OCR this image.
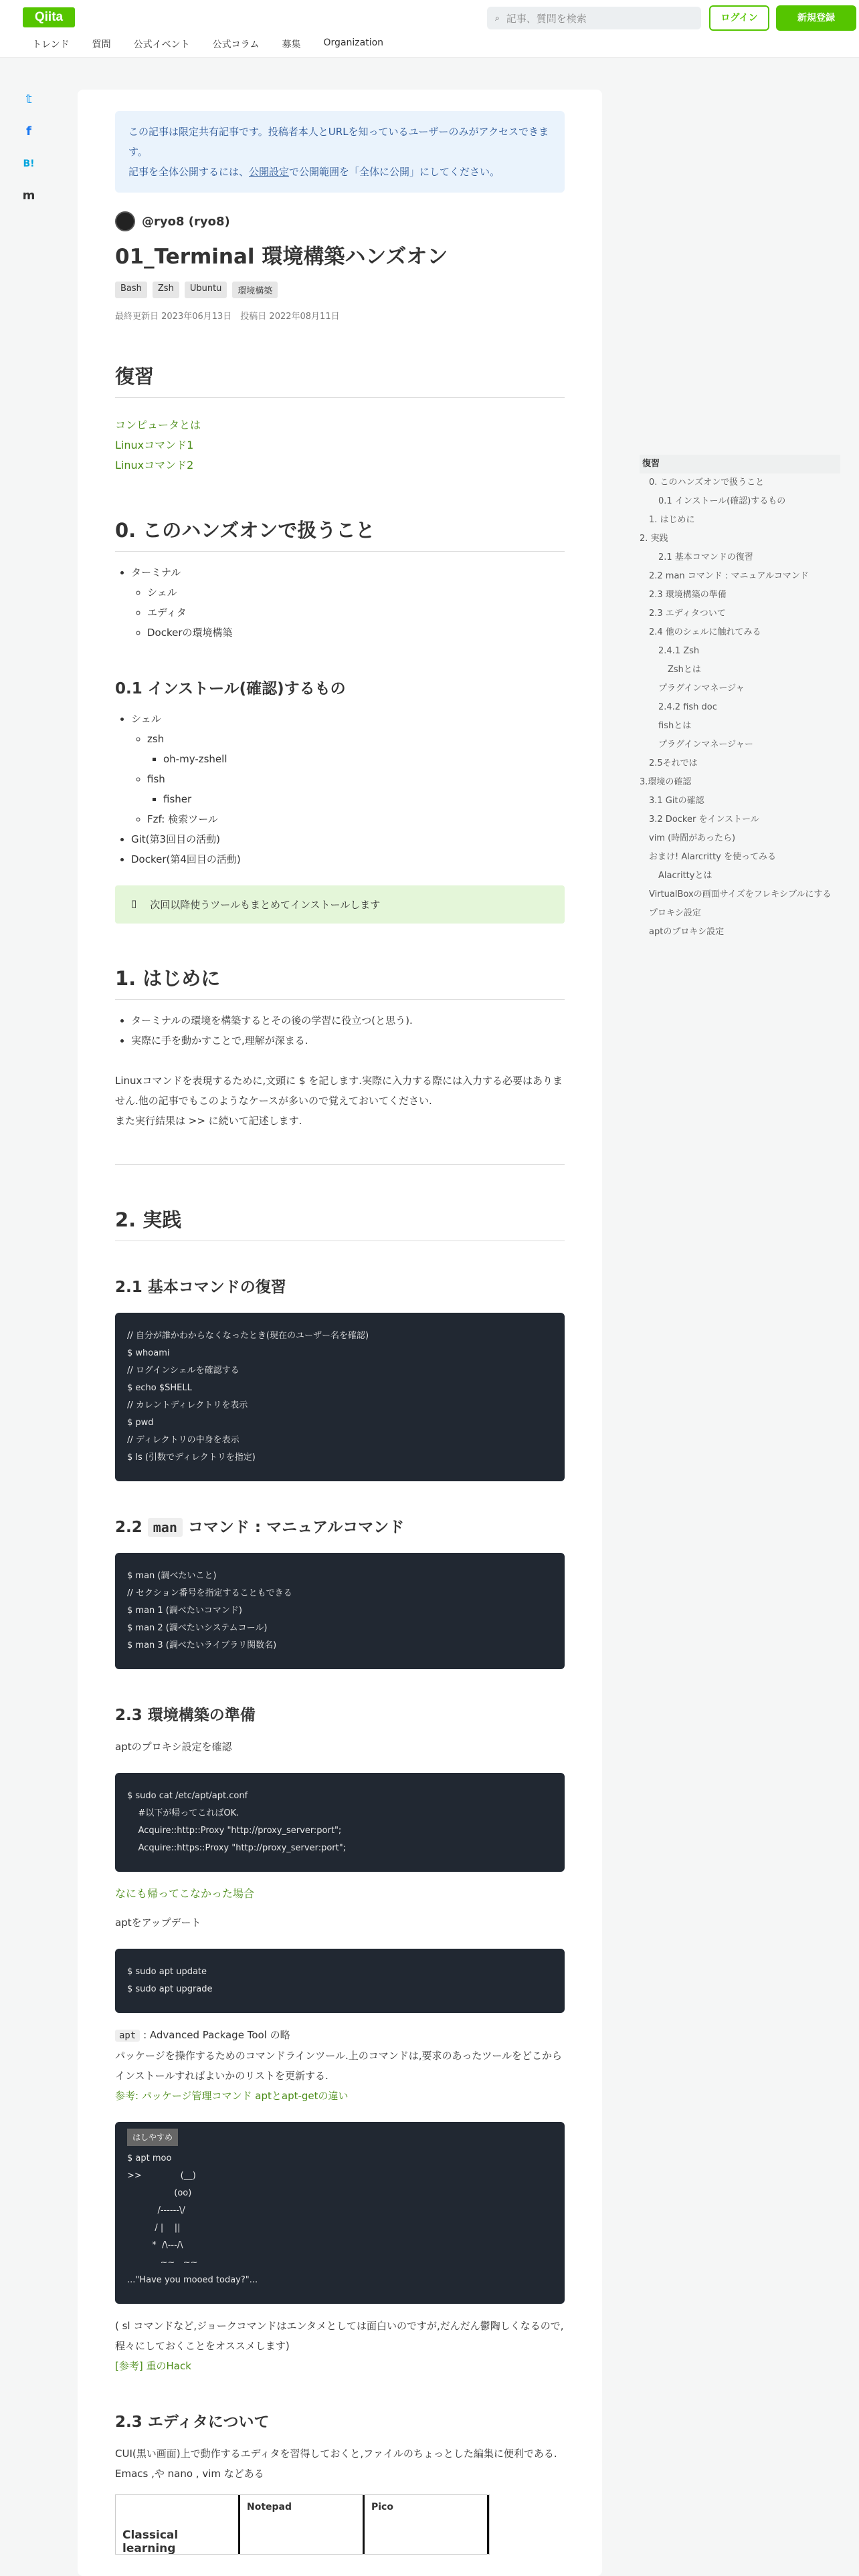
Qiita	⌕ 記事、質問を検索	ログイン	新規登録
トレンド 質問 公式イベント 公式コラム 募集 Organization
𝕥
f
B!
m
この記事は限定共有記事です。投稿者本人とURLを知っているユーザーのみがアクセスできます。
記事を全体公開するには、公開設定で公開範囲を「全体に公開」にしてください。
@ryo8 (ryo8)
01_Terminal 環境構築ハンズオン
Bash	Zsh	Ubuntu	環境構築
最終更新日 2023年06月13日　投稿日 2022年08月11日
復習
コンピュータとは
Linuxコマンド1
Linuxコマンド2
0. このハンズオンで扱うこと
• ターミナル
◦ シェル
◦ エディタ
◦ Dockerの環境構築
0.1 インストール(確認)するもの
• シェル
◦ zsh
▪ oh-my-zshell
◦ fish
▪ fisher
◦ Fzf: 検索ツール
• Git(第3回目の活動)
• Docker(第4回目の活動)
▯ 次回以降使うツールもまとめてインストールします
1. はじめに
• ターミナルの環境を構築するとその後の学習に役立つ(と思う).
• 実際に手を動かすことで,理解が深まる.

Linuxコマンドを表現するために,文頭に $ を記します.実際に入力する際には入力する必要はありません.他の記事でもこのようなケースが多いので覚えておいてください.
また実行結果は >> に続いて記述します.

2. 実践
2.1 基本コマンドの復習
// 自分が誰かわからなくなったとき(現在のユーザー名を確認)
$ whoami
// ログインシェルを確認する
$ echo $SHELL
// カレントディレクトリを表示
$ pwd
// ディレクトリの中身を表示
$ ls (引数でディレクトリを指定)
2.2 man コマンド : マニュアルコマンド
$ man (調べたいこと)
// セクション番号を指定することもできる
$ man 1 (調べたいコマンド)
$ man 2 (調べたいシステムコール)
$ man 3 (調べたいライブラリ関数名)
2.3 環境構築の準備

aptのプロキシ設定を確認

$ sudo cat /etc/apt/apt.conf
#以下が帰ってこればOK.
Acquire::http::Proxy "http://proxy_server:port";
Acquire::https::Proxy "http://proxy_server:port";
なにも帰ってこなかった場合

aptをアップデート

$ sudo apt update
$ sudo apt upgrade

apt : Advanced Package Tool の略
パッケージを操作するためのコマンドラインツール.上のコマンドは,要求のあったツールをどこからインストールすればよいかのリストを更新する.
参考: パッケージ管理コマンド aptとapt-getの違い

はしやすめ
$ apt moo
>>              (__)
(oo)
/------\/
/ |    ||
*  /\---/\
~~   ~~
..."Have you mooed today?"...

( sl コマンドなど,ジョークコマンドはエンタメとしては面白いのですが,だんだん鬱陶しくなるので,程々にしておくことをオススメします)
[参考] 重のHack

2.3 エディタについて

CUI(黒い画面)上で動作するエディタを習得しておくと,ファイルのちょっとした編集に便利である. Emacs ,や nano , vim などある

Classical learning
Notepad	Pico
復習
0. このハンズオンで扱うこと
0.1 インストール(確認)するもの
1. はじめに
2. 実践
2.1 基本コマンドの復習
2.2 man コマンド : マニュアルコマンド
2.3 環境構築の準備
2.3 エディタついて
2.4 他のシェルに触れてみる
2.4.1 Zsh
Zshとは
プラグインマネージャ
2.4.2 fish doc
fishとは
プラグインマネージャー
2.5それでは
3.環境の確認
3.1 Gitの確認
3.2 Docker をインストール
vim (時間があったら)
おまけ! Alarcritty を使ってみる
Alacrittyとは
VirtualBoxの画面サイズをフレキシブルにする
プロキシ設定
aptのプロキシ設定
